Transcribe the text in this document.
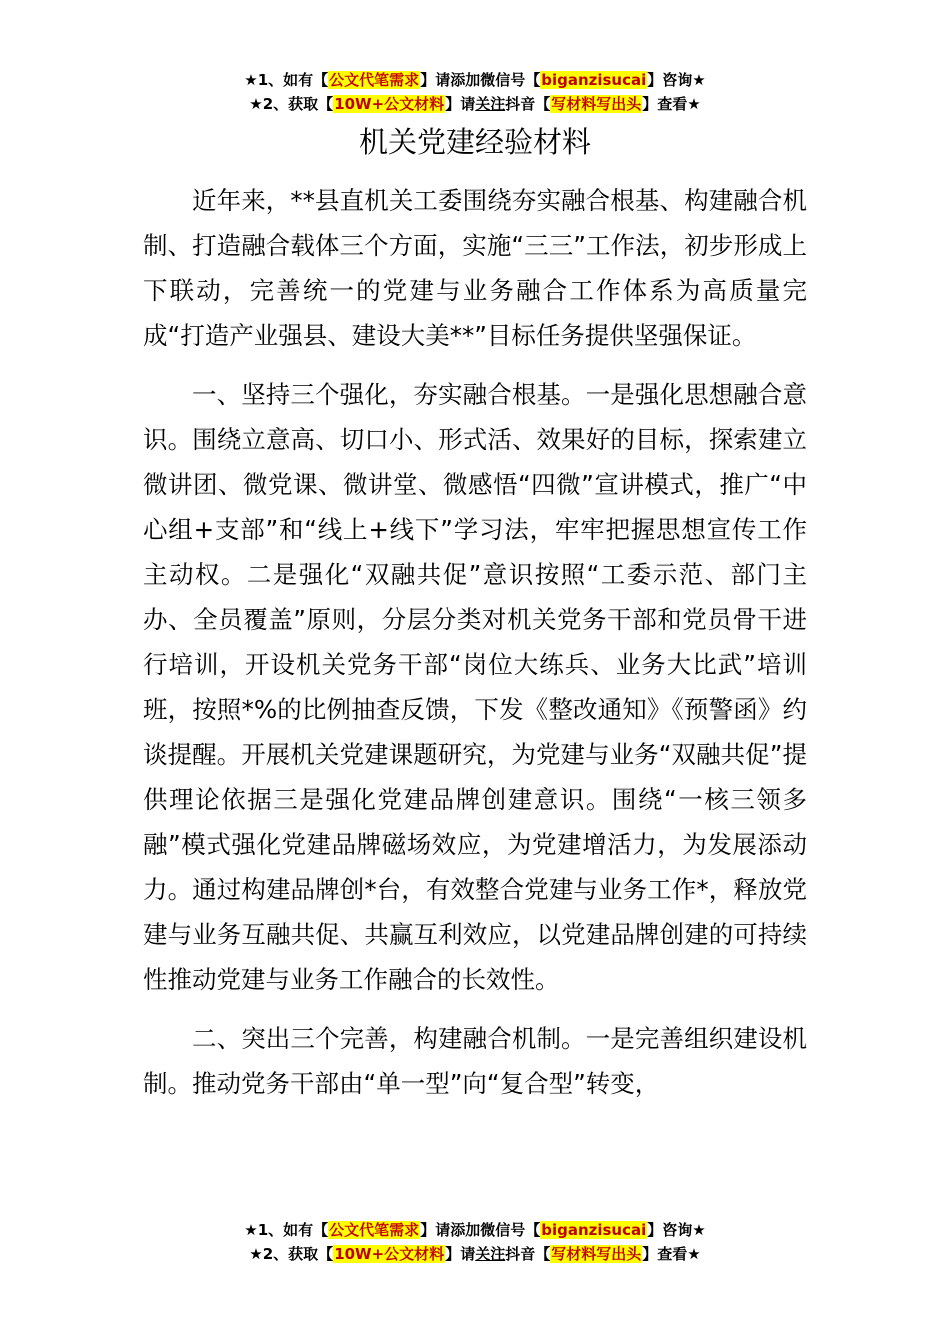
★1、如有【公文代笔需求】请添加微信号【biganzisucai】咨询★
★2、获取【10W+公文材料】请关注抖音【写材料写出头】查看★
机关党建经验材料

近年来，**县直机关工委围绕夯实融合根基、构建融合机制、打造融合载体三个方面，实施“三三”工作法，初步形成上下联动，完善统一的党建与业务融合工作体系为高质量完成“打造产业强县、建设大美**”目标任务提供坚强保证。

一、坚持三个强化，夯实融合根基。一是强化思想融合意识。围绕立意高、切口小、形式活、效果好的目标，探索建立微讲团、微党课、微讲堂、微感悟“四微”宣讲模式，推广“中心组+支部”和“线上+线下”学习法，牢牢把握思想宣传工作主动权。二是强化“双融共促”意识按照“工委示范、部门主办、全员覆盖”原则，分层分类对机关党务干部和党员骨干进行培训，开设机关党务干部“岗位大练兵、业务大比武”培训班，按照*%的比例抽查反馈，下发《整改通知》《预警函》约谈提醒。开展机关党建课题研究，为党建与业务“双融共促”提供理论依据三是强化党建品牌创建意识。围绕“一核三领多融”模式强化党建品牌磁场效应，为党建增活力，为发展添动力。通过构建品牌创*台，有效整合党建与业务工作*，释放党建与业务互融共促、共赢互利效应，以党建品牌创建的可持续性推动党建与业务工作融合的长效性。

二、突出三个完善，构建融合机制。一是完善组织建设机制。推动党务干部由“单一型”向“复合型”转变，

★1、如有【公文代笔需求】请添加微信号【biganzisucai】咨询★
★2、获取【10W+公文材料】请关注抖音【写材料写出头】查看★
